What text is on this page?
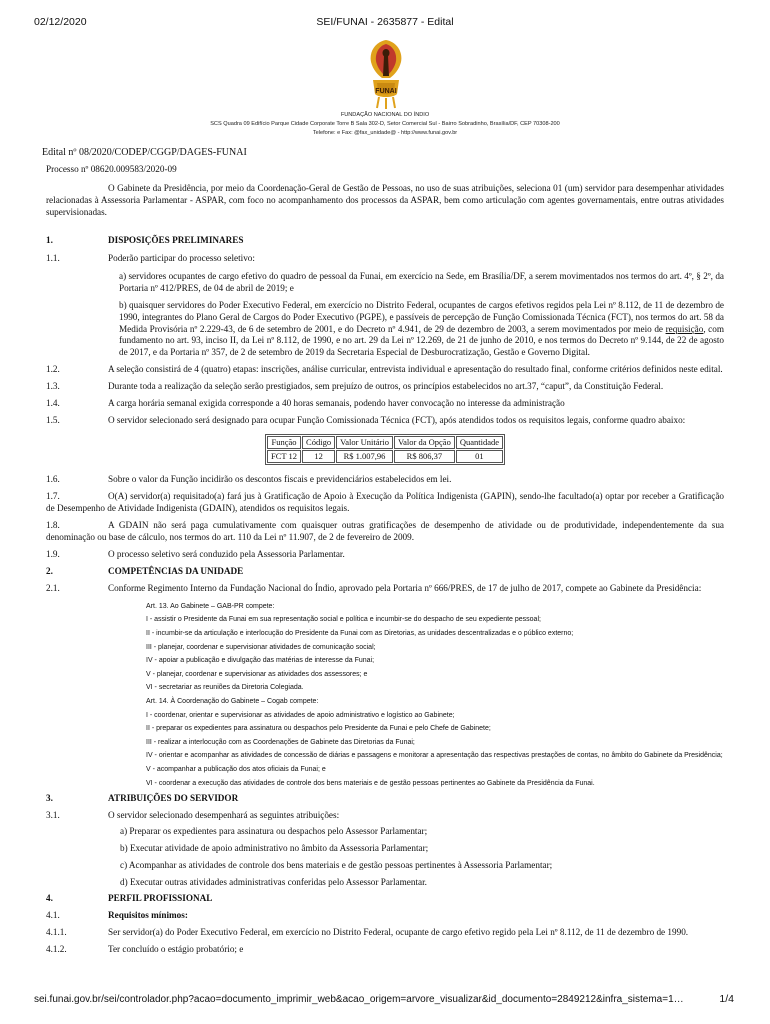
02/12/2020	SEI/FUNAI - 2635877 - Edital
FUNAI
FUNDAÇÃO NACIONAL DO ÍNDIO
SCS Quadra 09 Edifício Parque Cidade Corporate Torre B Sala 302-D, Setor Comercial Sul - Bairro Sobradinho, Brasília/DF, CEP 70308-200
Telefone: e Fax: @fax_unidade@ - http://www.funai.gov.br

Edital nº 08/2020/CODEP/CGGP/DAGES-FUNAI

Processo nº 08620.009583/2020-09

O Gabinete da Presidência, por meio da Coordenação-Geral de Gestão de Pessoas, no uso de suas atribuições, seleciona 01 (um) servidor para desempenhar atividades relacionadas à Assessoria Parlamentar - ASPAR, com foco no acompanhamento dos processos da ASPAR, bem como articulação com agentes governamentais, entre outras atividades supervisionadas.

1.	DISPOSIÇÕES PRELIMINARES

1.1.	Poderão participar do processo seletivo:

a) servidores ocupantes de cargo efetivo do quadro de pessoal da Funai, em exercício na Sede, em Brasília/DF, a serem movimentados nos termos do art. 4º, § 2º, da Portaria nº 412/PRES, de 04 de abril de 2019; e

b) quaisquer servidores do Poder Executivo Federal, em exercício no Distrito Federal, ocupantes de cargos efetivos regidos pela Lei nº 8.112, de 11 de dezembro de 1990, integrantes do Plano Geral de Cargos do Poder Executivo (PGPE), e passíveis de percepção de Função Comissionada Técnica (FCT), nos termos do art. 58 da Medida Provisória nº 2.229-43, de 6 de setembro de 2001, e do Decreto nº 4.941, de 29 de dezembro de 2003, a serem movimentados por meio de requisição, com fundamento no art. 93, inciso II, da Lei nº 8.112, de 1990, e no art. 29 da Lei nº 12.269, de 21 de junho de 2010, e nos termos do Decreto nº 9.144, de 22 de agosto de 2017, e da Portaria nº 357, de 2 de setembro de 2019 da Secretaria Especial de Desburocratização, Gestão e Governo Digital.

1.2.	A seleção consistirá de 4 (quatro) etapas: inscrições, análise curricular, entrevista individual e apresentação do resultado final, conforme critérios definidos neste edital.

1.3.	Durante toda a realização da seleção serão prestigiados, sem prejuízo de outros, os princípios estabelecidos no art.37, “caput”, da Constituição Federal.

1.4.	A carga horária semanal exigida corresponde a 40 horas semanais, podendo haver convocação no interesse da administração

1.5.	O servidor selecionado será designado para ocupar Função Comissionada Técnica (FCT), após atendidos todos os requisitos legais, conforme quadro abaixo:

Função	Código	Valor Unitário	Valor da Opção	Quantidade
FCT 12	12	R$ 1.007,96	R$ 806,37	01

1.6.	Sobre o valor da Função incidirão os descontos fiscais e previdenciários estabelecidos em lei.

1.7.	O(A) servidor(a) requisitado(a) fará jus à Gratificação de Apoio à Execução da Política Indigenista (GAPIN), sendo-lhe facultado(a) optar por receber a Gratificação de Desempenho de Atividade Indigenista (GDAIN), atendidos os requisitos legais.

1.8.	A GDAIN não será paga cumulativamente com quaisquer outras gratificações de desempenho de atividade ou de produtividade, independentemente da sua denominação ou base de cálculo, nos termos do art. 110 da Lei nº 11.907, de 2 de fevereiro de 2009.

1.9.	O processo seletivo será conduzido pela Assessoria Parlamentar.

2.	COMPETÊNCIAS DA UNIDADE

2.1.	Conforme Regimento Interno da Fundação Nacional do Índio, aprovado pela Portaria nº 666/PRES, de 17 de julho de 2017, compete ao Gabinete da Presidência:

Art. 13. Ao Gabinete – GAB-PR compete:

I - assistir o Presidente da Funai em sua representação social e política e incumbir-se do despacho de seu expediente pessoal;

II - incumbir-se da articulação e interlocução do Presidente da Funai com as Diretorias, as unidades descentralizadas e o público externo;

III - planejar, coordenar e supervisionar atividades de comunicação social;

IV - apoiar a publicação e divulgação das matérias de interesse da Funai;

V - planejar, coordenar e supervisionar as atividades dos assessores; e

VI - secretariar as reuniões da Diretoria Colegiada.

Art. 14. À Coordenação do Gabinete – Cogab compete:

I - coordenar, orientar e supervisionar as atividades de apoio administrativo e logístico ao Gabinete;

II - preparar os expedientes para assinatura ou despachos pelo Presidente da Funai e pelo Chefe de Gabinete;

III - realizar a interlocução com as Coordenações de Gabinete das Diretorias da Funai;

IV - orientar e acompanhar as atividades de concessão de diárias e passagens e monitorar a apresentação das respectivas prestações de contas, no âmbito do Gabinete da Presidência;

V - acompanhar a publicação dos atos oficiais da Funai; e

VI - coordenar a execução das atividades de controle dos bens materiais e de gestão pessoas pertinentes ao Gabinete da Presidência da Funai.

3.	ATRIBUIÇÕES DO SERVIDOR

3.1.	O servidor selecionado desempenhará as seguintes atribuições:

a) Preparar os expedientes para assinatura ou despachos pelo Assessor Parlamentar;

b) Executar atividade de apoio administrativo no âmbito da Assessoria Parlamentar;

c) Acompanhar as atividades de controle dos bens materiais e de gestão pessoas pertinentes à Assessoria Parlamentar;

d) Executar outras atividades administrativas conferidas pelo Assessor Parlamentar.

4.	PERFIL PROFISSIONAL

4.1.	Requisitos mínimos:

4.1.1.	Ser servidor(a) do Poder Executivo Federal, em exercício no Distrito Federal, ocupante de cargo efetivo regido pela Lei nº 8.112, de 11 de dezembro de 1990.

4.1.2.	Ter concluído o estágio probatório; e

sei.funai.gov.br/sei/controlador.php?acao=documento_imprimir_web&acao_origem=arvore_visualizar&id_documento=2849212&infra_sistema=1…	1/4
